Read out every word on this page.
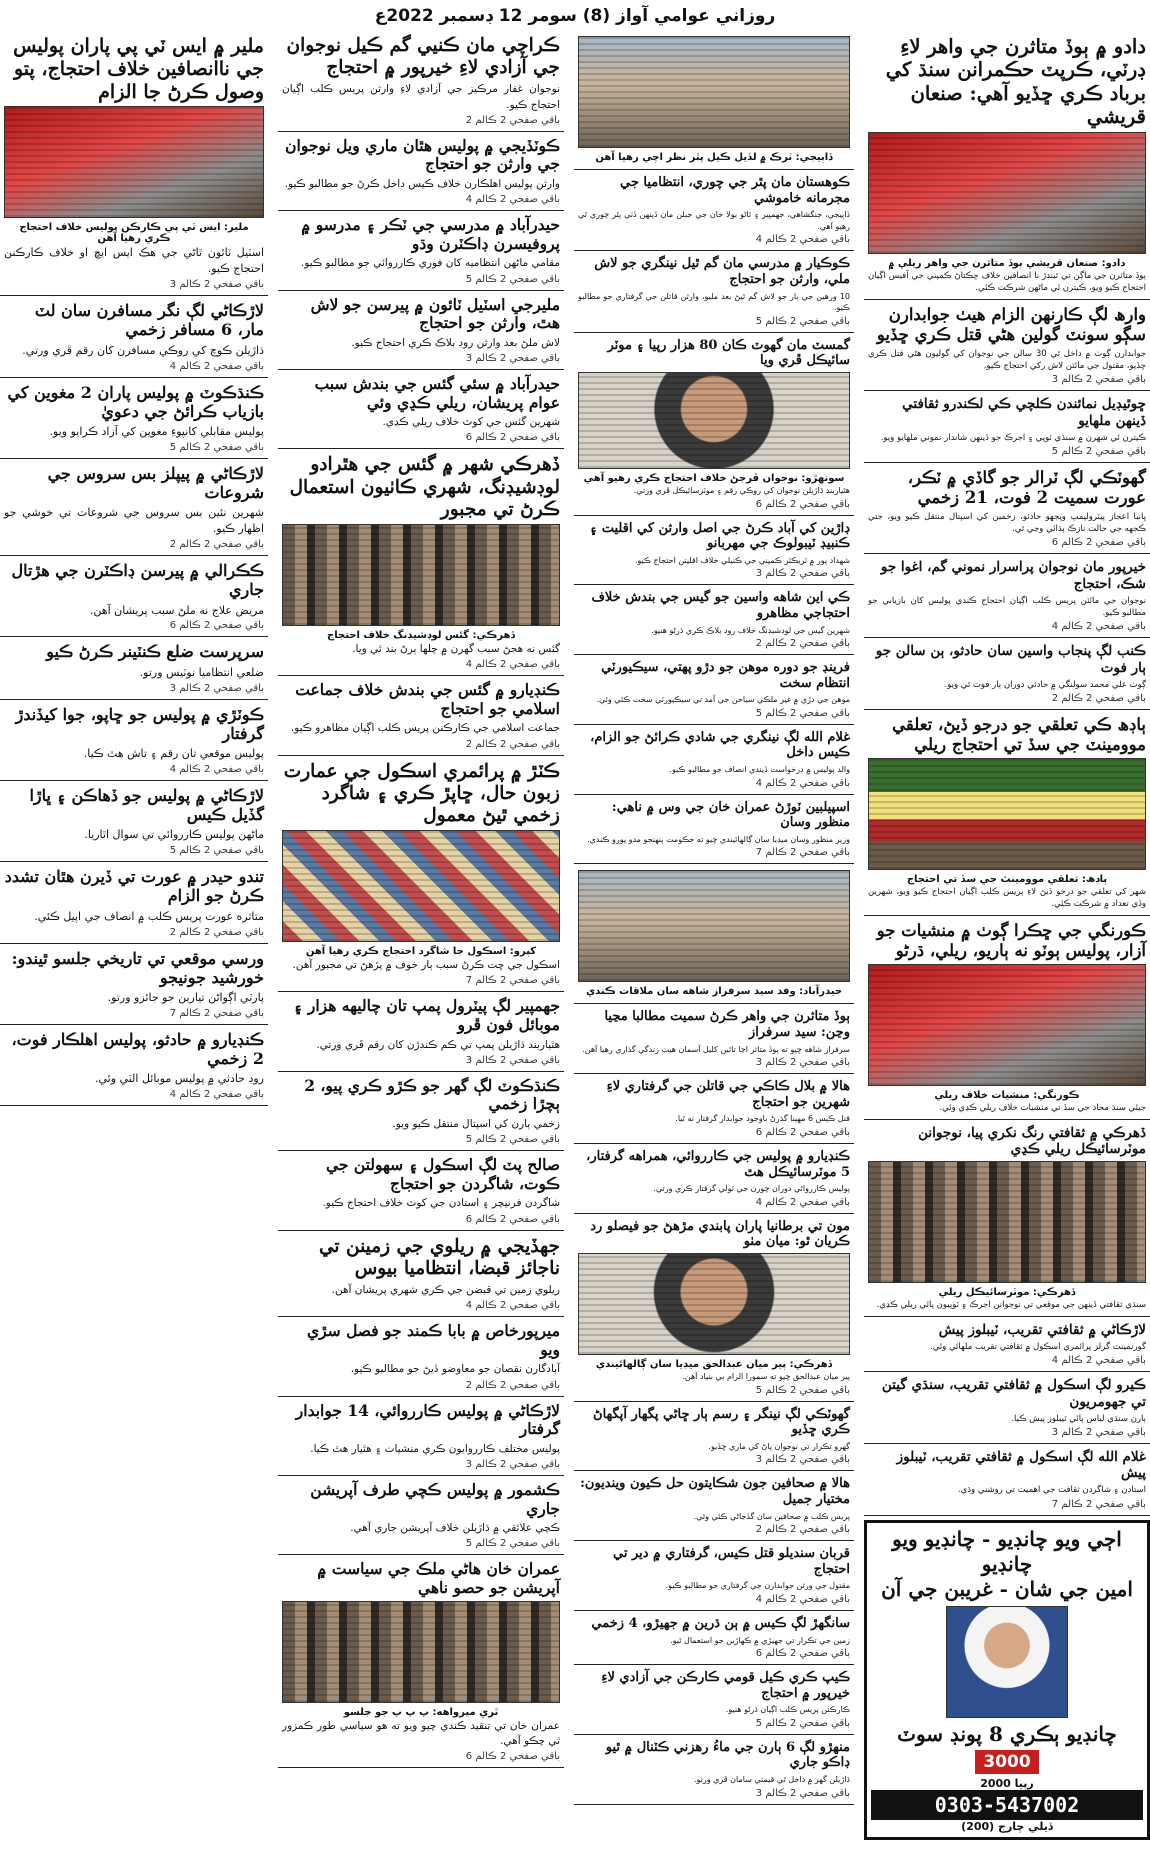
روزاني عوامي آواز (8) سومر 12 ڊسمبر 2022ع
دادو ۾ ٻوڏ متاثرن جي واهر لاءِ ڊرٽي، ڪرپٽ حڪمرانن سنڌ کي برباد ڪري ڇڏيو آهي: صنعان قريشي
دادو: صنعان قريشي ٻوڏ متاثرن جي واهر ريلي ۾
ٻوڏ متاثرن جي ماڳن تي ٿيندڙ نا انصافين خلاف ڇڪتاڻ ڪمپني جي آفيس اڳيان احتجاج ڪيو ويو، ڪيترن ئي ماڻهن شرڪت ڪئي.
وارھ لڳ ڪارنهن الزام هيٺ جوابدارن سڳو سونٽ گولين هڻي قتل ڪري ڇڏيو
جوابدارن ڳوٺ ۾ داخل ٿي 30 سالن جي نوجوان کي گوليون هڻي قتل ڪري ڇڏيو، مقتول جي مائٽن لاش رکي احتجاج ڪيو.
باقي صفحي 2 ڪالم 3
ڇوٿيڊيل نمائندن ڪلچي ڪي لڪندرو ثقافتي ڏينهن ملهايو
ڪيترن ئي شهرن ۾ سنڌي ٽوپي ۽ اجرڪ جو ڏينهن شاندار نموني ملهايو ويو.
باقي صفحي 2 ڪالم 5
گهوٽڪي لڳ ٽرالر جو گاڏي ۾ ٽڪر، عورت سميت 2 فوت، 21 زخمي
ڀانبا اعجاز پيٽرولپمپ ويجهو حادثو، زخمين کي اسپتال منتقل ڪيو ويو، جتي ڪجهه جي حالت نازڪ ٻڌائي وڃي ٿي.
باقي صفحي 2 ڪالم 6
خيرپور مان نوجوان پراسرار نموني گم، اغوا جو شڪ، احتجاج
نوجوان جي مائٽن پريس ڪلب اڳيان احتجاج ڪندي پوليس کان بازيابي جو مطالبو ڪيو.
باقي صفحي 2 ڪالم 4
ڪنب لڳ پنجاب واسين سان حادثو، ٻن سالن جو ٻار فوت
ڳوٺ علي محمد سولنگي ۾ حادثي دوران ٻار فوت ٿي ويو.
باقي صفحي 2 ڪالم 2
ٻاڊھ ڪي تعلقي جو درجو ڏيڻ، تعلقي موومينٽ جي سڏ تي احتجاج ريلي
ٻاڊھ: تعلقي موومينٽ جي سڏ تي احتجاج
شهر کي تعلقي جو درجو ڏيڻ لاءِ پريس ڪلب اڳيان احتجاج ڪيو ويو، شهرين وڏي تعداد ۾ شرڪت ڪئي.
ڪورنگي جي ڇڪرا ڳوٺ ۾ منشيات جو آزار، پوليس ٻوٽو نه ٻاريو، ريلي، ڌرڻو
ڪورنگي: منشيات خلاف ريلي
جيئي سنڌ محاذ جي سڏ تي منشيات خلاف ريلي ڪڍي وئي.
ڏهرڪي ۾ ثقافتي رنگ نکري پيا، نوجوانن موٽرسائيڪل ريلي ڪڍي
ڏهرڪي: موٽرسائيڪل ريلي
سنڌي ثقافتي ڏينهن جي موقعي تي نوجوانن اجرڪ ۽ ٽوپيون پائي ريلي ڪڍي.
لاڙڪاڻي ۾ ثقافتي تقريب، ٽيبلوز پيش
گورنمينٽ گرلز پرائمري اسڪول ۾ ثقافتي تقريب ملهائي وئي.
باقي صفحي 2 ڪالم 4
ڪيرو لڳ اسڪول ۾ ثقافتي تقريب، سنڌي گيتن تي جهومريون
ٻارن سنڌي لباس پائي ٽيبلوز پيش ڪيا.
باقي صفحي 2 ڪالم 3
غلام الله لڳ اسڪول ۾ ثقافتي تقريب، ٽيبلوز پيش
استادن ۽ شاگردن ثقافت جي اهميت تي روشني وڌي.
باقي صفحي 2 ڪالم 7
اڄي ويو چانڊيو - چانڊيو ويو چانڊيو
امين جي شان - غريبن جي آن
چانڊيو ٻڪري 8 پونڊ سوٽ
3000
رپيا 2000
0303-5437002
ڏيلي چارج (200)
ڏاٻيجي: ٽرڪ ۾ لڏيل ڪيل پٿر نظر اچي رهيا آهن
ڪوهستان مان پٿر جي چوري، انتظاميا جي مجرمانه خاموشي
ڏاٻيجي، جنگشاهي، جهمپير ۽ ٿاڻو بولا خان جي جبلن مان ڏينهن ڏٺي پٿر چوري ٿي رهيو آهي.
باقي صفحي 2 ڪالم 4
ڪوڪيار ۾ مدرسي مان گم ٿيل نينگري جو لاش ملي، وارثن جو احتجاج
10 ورهين جي ٻار جو لاش گم ٿيڻ بعد مليو، وارثن قاتلن جي گرفتاري جو مطالبو ڪيو.
باقي صفحي 2 ڪالم 5
گمسٽ مان گهوٽ ڪان 80 هزار رپيا ۽ موٽر سائيڪل ڦري ويا
سونهڙو: نوجوان ڦرجڻ خلاف احتجاج ڪري رهيو آهي
هٿياربند ڌاڙيلن نوجوان کي روڪي رقم ۽ موٽرسائيڪل ڦري ورتي.
باقي صفحي 2 ڪالم 6
ڊاڙين کي آباد ڪرڻ جي اصل وارثن کي اقليت ۽ ڪنبيڊ ٽيبولوڪ جي مهربانو
شهداد پور ۾ ٽريڪٽر ڪمپني جي ڪنيلي خلاف اقليتن احتجاج ڪيو.
باقي صفحي 2 ڪالم 3
ڪي اين شاهه واسين جو گيس جي بندش خلاف احتجاجي مظاهرو
شهرين گيس جي لوڊشيڊنگ خلاف روڊ بلاڪ ڪري ڌرڻو هنيو.
باقي صفحي 2 ڪالم 2
فرينڊ جو دوره موهن جو دڙو پهتي، سيڪيورٽي انتظام سخت
موهن جي دڙي ۾ غير ملڪي سياحن جي آمد تي سيڪيورٽي سخت ڪئي وئي.
باقي صفحي 2 ڪالم 5
غلام الله لڳ نينگري جي شادي ڪرائڻ جو الزام، ڪيس داخل
والد پوليس ۾ درخواست ڏيندي انصاف جو مطالبو ڪيو.
باقي صفحي 2 ڪالم 4
اسپيلبين ٽوڙڻ عمران خان جي وس ۾ ناهي: منظور وسان
وزير منظور وسان ميڊيا سان ڳالهائيندي چيو ته حڪومت پنهنجو مدو پورو ڪندي.
باقي صفحي 2 ڪالم 7
حيدرآباد: وفد سيد سرفراز شاهه سان ملاقات ڪندي
ٻوڏ متاثرن جي واهر ڪرڻ سميت مطالبا مڃيا وڃن: سيد سرفراز
سرفراز شاهه چيو ته ٻوڏ متاثر اڃا تائين کليل آسمان هيٺ زندگي گذاري رهيا آهن.
باقي صفحي 2 ڪالم 3
هالا ۾ بلال ڪاڪي جي قاتلن جي گرفتاري لاءِ شهرين جو احتجاج
قتل ڪيس 6 مهينا گذرڻ باوجود جوابدار گرفتار نه ٿيا.
باقي صفحي 2 ڪالم 6
ڪنڊيارو ۾ پوليس جي ڪارروائي، همراهه گرفتار، 5 موٽرسائيڪل هٿ
پوليس ڪارروائي دوران چورن جي ٽولي گرفتار ڪري ورتي.
باقي صفحي 2 ڪالم 4
مون تي برطانيا پاران پابندي مڙهڻ جو فيصلو رد ڪريان ٿو: ميان مٺو
ڏهرڪي: پير ميان عبدالحق ميڊيا سان ڳالهائيندي
پير ميان عبدالحق چيو ته سمورا الزام بي بنياد آهن.
باقي صفحي 2 ڪالم 5
گهوٽڪي لڳ نينگر ۽ رسم ٻار ڇاڻي پگهار آپگهاڻ ڪري ڇڏيو
گهرو تڪرار تي نوجوان پاڻ کي ماري ڇڏيو.
باقي صفحي 2 ڪالم 3
هالا ۾ صحافين جون شڪايتون حل ڪيون وينديون: مختيار جميل
پريس ڪلب ۾ صحافين سان گڏجاڻي ڪئي وئي.
باقي صفحي 2 ڪالم 2
قربان سنديلو قتل ڪيس، گرفتاري ۾ دير تي احتجاج
مقتول جي ورثن جوابدارن جي گرفتاري جو مطالبو ڪيو.
باقي صفحي 2 ڪالم 4
سانگھڙ لڳ ڪيس ۾ ٻن ڌرين ۾ جهيڙو، 4 زخمي
زمين جي تڪرار تي جهيڙي ۾ ڪهاڙين جو استعمال ٿيو.
باقي صفحي 2 ڪالم 6
ڪيپ ڪري ڪيل قومي ڪارڪن جي آزادي لاءِ خيرپور ۾ احتجاج
ڪارڪنن پريس ڪلب اڳيان ڌرڻو هنيو.
باقي صفحي 2 ڪالم 5
منهڙو لڳ 6 ٻارن جي ماءُ رهزني ڪٽنال ۾ ٿيو ڊاڪو جاري
ڌاڙيلن گهر ۾ داخل ٿي قيمتي سامان ڦري ورتو.
باقي صفحي 2 ڪالم 3
ڪراچي مان ڪنيي گم ڪيل نوجوان جي آزادي لاءِ خيرپور ۾ احتجاج
نوجوان غفار مرڪيز جي آزادي لاءِ وارثن پريس ڪلب اڳيان احتجاج ڪيو.
باقي صفحي 2 ڪالم 2
ڪوٽڏيجي ۾ پوليس هٿان ماري ويل نوجوان جي وارثن جو احتجاج
وارثن پوليس اهلڪارن خلاف ڪيس داخل ڪرڻ جو مطالبو ڪيو.
باقي صفحي 2 ڪالم 4
حيدرآباد ۾ مدرسي جي ٽڪر ۽ مدرسو ۾ پروفيسرن ڊاڪٽرن وڌو
مقامي ماڻهن انتظاميه کان فوري ڪارروائي جو مطالبو ڪيو.
باقي صفحي 2 ڪالم 5
مليرجي اسٽيل ٽائون ۾ پيرسن جو لاش هٿ، وارثن جو احتجاج
لاش ملڻ بعد وارثن روڊ بلاڪ ڪري احتجاج ڪيو.
باقي صفحي 2 ڪالم 3
حيدرآباد ۾ سئي گئس جي بندش سبب عوام پريشان، ريلي ڪڍي وئي
شهرين گئس جي کوٽ خلاف ريلي ڪڍي.
باقي صفحي 2 ڪالم 6
ڏهرڪي شهر ۾ گئس جي هٿرادو لوڊشيڊنگ، شهري ڪاٺيون استعمال ڪرڻ تي مجبور
ڏهرڪي: گئس لوڊشيڊنگ خلاف احتجاج
گئس نه هجڻ سبب گهرن ۾ چلها ٻرڻ بند ٿي ويا.
باقي صفحي 2 ڪالم 4
ڪنڊيارو ۾ گئس جي بندش خلاف جماعت اسلامي جو احتجاج
جماعت اسلامي جي ڪارڪنن پريس ڪلب اڳيان مظاهرو ڪيو.
باقي صفحي 2 ڪالم 2
ڪٽڙ ۾ پرائمري اسڪول جي عمارت زبون حال، ڇاپڙ ڪري ۽ شاگرد زخمي ٿيڻ معمول
کپرو: اسڪول جا شاگرد احتجاج ڪري رهيا آهن
اسڪول جي ڇت ڪرڻ سبب ٻار خوف ۾ پڙهڻ تي مجبور آهن.
باقي صفحي 2 ڪالم 7
جهمپير لڳ پيٽرول پمپ تان چاليهه هزار ۽ موبائل فون ڦرو
هٿياربند ڌاڙيلن پمپ تي ڪم ڪندڙن کان رقم ڦري ورتي.
باقي صفحي 2 ڪالم 3
ڪنڌڪوٽ لڳ گهر جو ڪڙو ڪري پيو، 2 ٻچڙا زخمي
زخمي ٻارن کي اسپتال منتقل ڪيو ويو.
باقي صفحي 2 ڪالم 5
صالح پٽ لڳ اسڪول ۽ سهولتن جي ڪوت، شاگردن جو احتجاج
شاگردن فرنيچر ۽ استادن جي کوٽ خلاف احتجاج ڪيو.
باقي صفحي 2 ڪالم 6
جهڏيجي ۾ ريلوي جي زمينن تي ناجائز قبضا، انتظاميا بيوس
ريلوي زمين تي قبضن جي ڪري شهري پريشان آهن.
باقي صفحي 2 ڪالم 4
ميرپورخاص ۾ بابا ڪمند جو فصل سڙي ويو
آبادگارن نقصان جو معاوضو ڏيڻ جو مطالبو ڪيو.
باقي صفحي 2 ڪالم 2
لاڙڪاڻي ۾ پوليس ڪارروائي، 14 جوابدار گرفتار
پوليس مختلف ڪارروايون ڪري منشيات ۽ هٿيار هٿ ڪيا.
باقي صفحي 2 ڪالم 3
ڪشمور ۾ پوليس ڪچي طرف آپريشن جاري
ڪچي علائقي ۾ ڌاڙيلن خلاف آپريشن جاري آهي.
باقي صفحي 2 ڪالم 5
عمران خان هاڻي ملڪ جي سياست ۾ آپريشن جو حصو ناهي
ٿري ميرواهه: پ پ پ جو جلسو
عمران خان تي تنقيد ڪندي چيو ويو ته هو سياسي طور ڪمزور ٿي چڪو آهي.
باقي صفحي 2 ڪالم 6
ملير ۾ ايس ٽي پي پاران پوليس جي ناانصافين خلاف احتجاج، پتو وصول ڪرڻ جا الزام
ملير: ايس ٽي پي ڪارڪن پوليس خلاف احتجاج ڪري رهيا آهن
اسٽيل ٽائون ٿاڻي جي هڪ ايس ايڇ او خلاف ڪارڪنن احتجاج ڪيو.
باقي صفحي 2 ڪالم 3
لاڙڪاڻي لڳ نگر مسافرن سان لٽ مار، 6 مسافر زخمي
ڌاڙيلن ڪوچ کي روڪي مسافرن کان رقم ڦري ورتي.
باقي صفحي 2 ڪالم 4
ڪنڌڪوٽ ۾ پوليس پاران 2 مغوين کي بازياب ڪرائڻ جي دعويٰ
پوليس مقابلي کانپوءِ مغوين کي آزاد ڪرايو ويو.
باقي صفحي 2 ڪالم 5
لاڙڪاڻي ۾ پيپلز بس سروس جي شروعات
شهرين نئين بس سروس جي شروعات تي خوشي جو اظهار ڪيو.
باقي صفحي 2 ڪالم 2
ڪڪرالي ۾ پيرسن ڊاڪٽرن جي هڙتال جاري
مريض علاج نه ملڻ سبب پريشان آهن.
باقي صفحي 2 ڪالم 6
سرپرست ضلع ڪنٽينر ڪرڻ ڪيو
ضلعي انتظاميا نوٽيس ورتو.
باقي صفحي 2 ڪالم 3
ڪوٽڙي ۾ پوليس جو ڇاپو، جوا کيڏندڙ گرفتار
پوليس موقعي تان رقم ۽ تاش هٿ ڪيا.
باقي صفحي 2 ڪالم 4
لاڙڪاڻي ۾ پوليس جو ڏهاڪن ۽ ڀاڙا گڏيل ڪيس
ماڻهن پوليس ڪارروائي تي سوال اٿاريا.
باقي صفحي 2 ڪالم 5
تندو حيدر ۾ عورت تي ڏيرن هٿان تشدد ڪرڻ جو الزام
متاثره عورت پريس ڪلب ۾ انصاف جي اپيل ڪئي.
باقي صفحي 2 ڪالم 2
ورسي موقعي تي تاريخي جلسو ٿيندو: خورشيد جونيجو
پارٽي اڳواڻن تيارين جو جائزو ورتو.
باقي صفحي 2 ڪالم 7
ڪنڊيارو ۾ حادثو، پوليس اهلڪار فوت، 2 زخمي
روڊ حادثي ۾ پوليس موبائل الٽي وئي.
باقي صفحي 2 ڪالم 4
